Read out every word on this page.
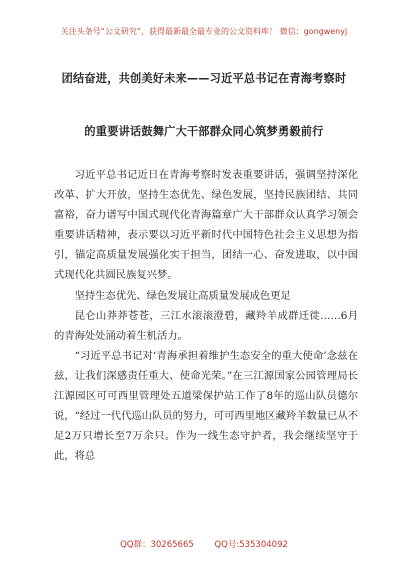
关注头条号“公文研究”，获得最新最全最专业的公文资料库！ 微信：gongwenyj
团结奋进，共创美好未来——习近平总书记在青海考察时
的重要讲话鼓舞广大干部群众同心筑梦勇毅前行

习近平总书记近日在青海考察时发表重要讲话，强调坚持深化改革、扩大开放，坚持生态优先、绿色发展，坚持民族团结、共同富裕，奋力谱写中国式现代化青海篇章广大干部群众认真学习领会重要讲话精神，表示要以习近平新时代中国特色社会主义思想为指引，锚定高质量发展强化实干担当，团结一心、奋发进取，以中国式现代化共圆民族复兴梦。

坚持生态优先、绿色发展让高质量发展成色更足

昆仑山莽莽苍苍，三江水滚滚澄碧，藏羚羊成群迁徙……6月的青海处处涌动着生机活力。

“习近平总书记对‘青海承担着维护生态安全的重大使命’念兹在兹，让我们深感责任重大、使命光荣。”在三江源国家公园管理局长江源园区可可西里管理处五道梁保护站工作了8年的巡山队员德尔说，“经过一代代巡山队员的努力，可可西里地区藏羚羊数量已从不足2万只增长至7万余只。作为一线生态守护者，我会继续坚守于此，将总

QQ群：30265665 QQ号:535304092
